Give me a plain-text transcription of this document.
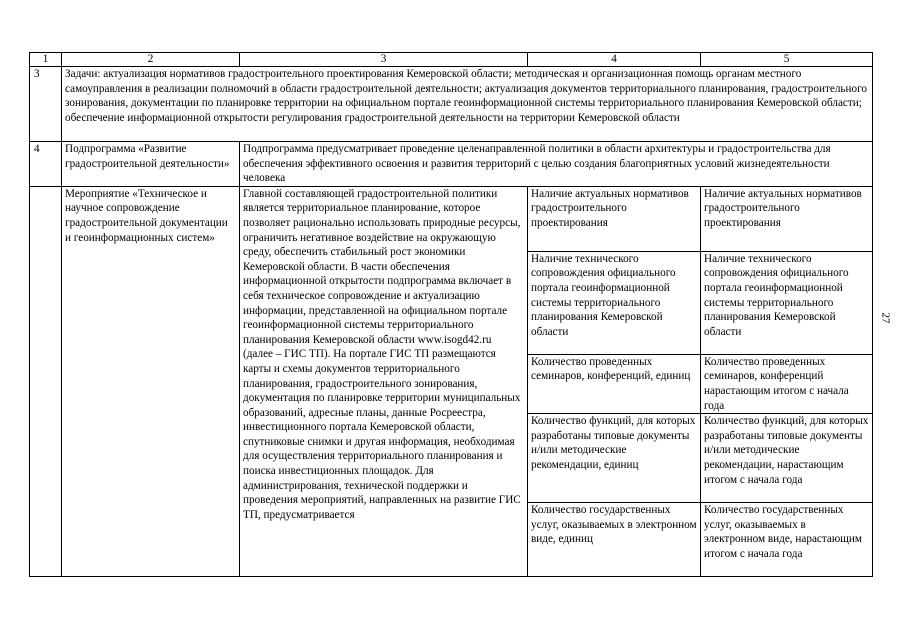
1	2	3	4	5
3	Задачи: актуализация нормативов градостроительного проектирования Кемеровской области; методическая и организационная помощь органам местного самоуправления в реализации полномочий в области градостроительной деятельности; актуализация документов территориального планирования, градостроительного зонирования, документации по планировке территории на официальном портале геоинформационной системы территориального планирования Кемеровской области; обеспечение информационной открытости регулирования градостроительной деятельности на территории Кемеровской области			
4	Подпрограмма «Развитие градостроительной деятельности»	Подпрограмма предусматривает проведение целенаправленной политики в области архитектуры и градостроительства для обеспечения эффективного освоения и развития территорий с целью создания благоприятных условий жизнедеятельности человека		
	Мероприятие «Техническое и научное сопровождение градостроительной документации и геоинформационных систем»	Главной составляющей градостроительной политики является территориальное планирование, которое позволяет рационально использовать природные ресурсы, ограничить негативное воздействие на окружающую среду, обеспечить стабильный рост экономики Кемеровской области. В части обеспечения информационной открытости подпрограмма включает в себя техническое сопровождение и актуализацию информации, представленной на официальном портале геоинформационной системы территориального планирования Кемеровской области www.isogd42.ru (далее – ГИС ТП). На портале ГИС ТП размещаются карты и схемы документов территориального планирования, градостроительного зонирования, документация по планировке территории муниципальных образований, адресные планы, данные Росреестра, инвестиционного портала Кемеровской области, спутниковые снимки и другая информация, необходимая для осуществления территориального планирования и поиска инвестиционных площадок. Для администрирования, технической поддержки и проведения мероприятий, направленных на развитие ГИС ТП, предусматривается	Наличие актуальных нормативов градостроительного проектирования	Наличие актуальных нормативов градостроительного проектирования
			Наличие технического сопровождения официального портала геоинформационной системы территориального планирования Кемеровской области	Наличие технического сопровождения официального портала геоинформационной системы территориального планирования Кемеровской области
			Количество проведенных семинаров, конференций, единиц	Количество проведенных семинаров, конференций нарастающим итогом с начала года
			Количество функций, для которых разработаны типовые документы и/или методические рекомендации, единиц	Количество функций, для которых разработаны типовые документы и/или методические рекомендации, нарастающим итогом с начала года
			Количество государственных услуг, оказываемых в электронном виде, единиц	Количество государственных услуг, оказываемых в электронном виде, нарастающим итогом с начала года
27
